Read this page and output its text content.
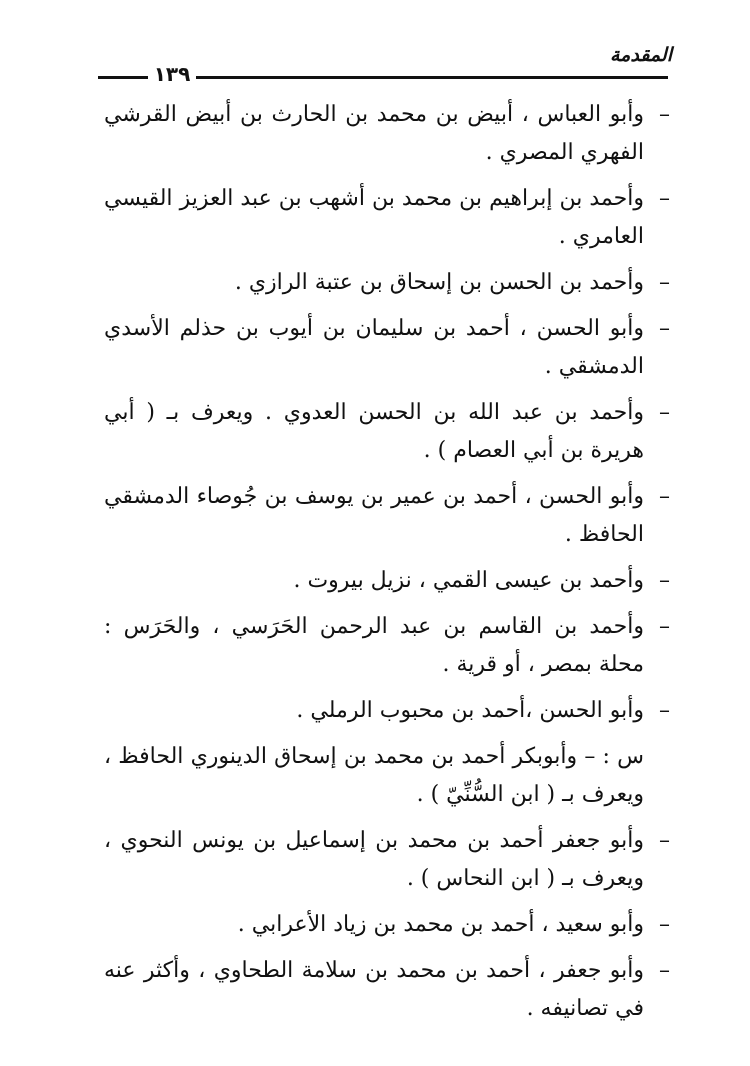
المقدمة
١٣٩
–
وأبو العباس ، أبيض بن محمد بن الحارث بن أبيض القرشي الفهري المصري .
–
وأحمد بن إبراهيم بن محمد بن أشهب بن عبد العزيز القيسي العامري .
–
وأحمد بن الحسن بن إسحاق بن عتبة الرازي .
–
وأبو الحسن ، أحمد بن سليمان بن أيوب بن حذلم الأسدي الدمشقي .
–
وأحمد بن عبد الله بن الحسن العدوي . ويعرف بـ ( أبي هريرة بن أبي العصام ) .
–
وأبو الحسن ، أحمد بن عمير بن يوسف بن جُوصاء الدمشقي الحافظ .
–
وأحمد بن عيسى القمي ، نزيل بيروت .
–
وأحمد بن القاسم بن عبد الرحمن الحَرَسي ، والحَرَس : محلة بمصر ، أو قرية .
–
وأبو الحسن ،أحمد بن محبوب الرملي .
س : – وأبوبكر أحمد بن محمد بن إسحاق الدينوري الحافظ ، ويعرف بـ ( ابن السُّنِّيّ ) .
–
وأبو جعفر أحمد بن محمد بن إسماعيل بن يونس النحوي ، ويعرف بـ ( ابن النحاس ) .
–
وأبو سعيد ، أحمد بن محمد بن زياد الأعرابي .
–
وأبو جعفر ، أحمد بن محمد بن سلامة الطحاوي ، وأكثر عنه في تصانيفه .
